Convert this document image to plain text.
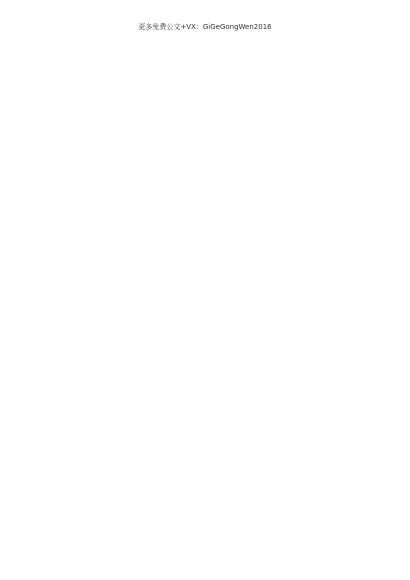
更多免费公文+VX：GiGeGongWen2016
